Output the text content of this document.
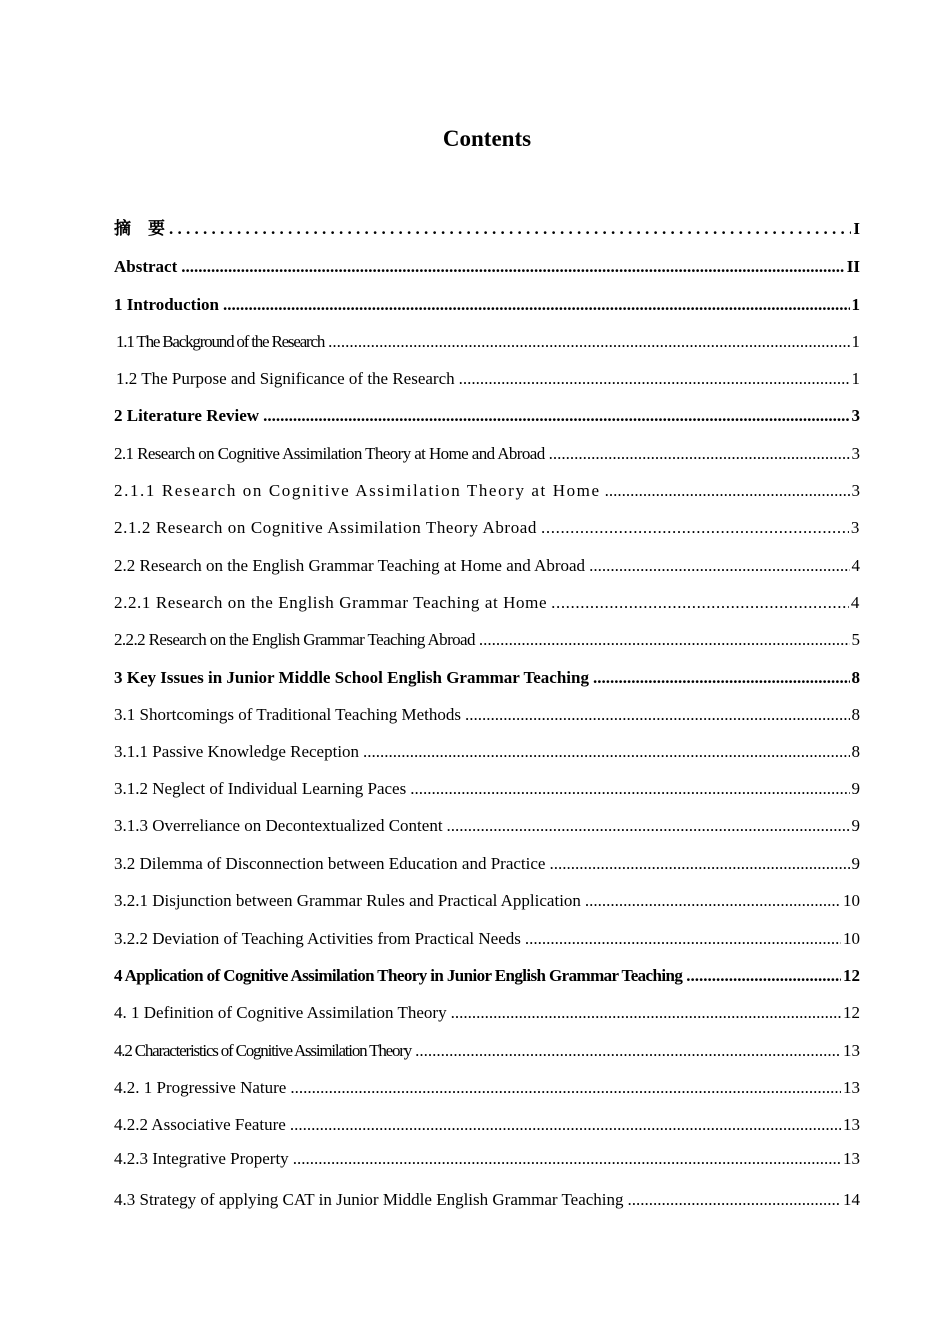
Contents
摘　要 . . .	I
Abstract .....	II
1 Introduction .....	1
1.1 The Background of the Research .....	1
1.2 The Purpose and Significance of the Research .....	1
2 Literature Review .....	3
2.1 Research on Cognitive Assimilation Theory at Home and Abroad .....	3
2.1.1 Research on Cognitive Assimilation Theory at Home .....	3
2.1.2 Research on Cognitive Assimilation Theory Abroad .....	3
2.2 Research on the English Grammar Teaching at Home and Abroad .....	4
2.2.1 Research on the English Grammar Teaching at Home .....	4
2.2.2 Research on the English Grammar Teaching Abroad .....	5
3 Key Issues in Junior Middle School English Grammar Teaching .....	8
3.1 Shortcomings of Traditional Teaching Methods .....	8
3.1.1 Passive Knowledge Reception .....	8
3.1.2 Neglect of Individual Learning Paces .....	9
3.1.3 Overreliance on Decontextualized Content .....	9
3.2 Dilemma of Disconnection between Education and Practice .....	9
3.2.1 Disjunction between Grammar Rules and Practical Application .....	10
3.2.2 Deviation of Teaching Activities from Practical Needs .....	10
4 Application of Cognitive Assimilation Theory in Junior English Grammar Teaching .....	12
4. 1 Definition of Cognitive Assimilation Theory .....	12
4.2 Characteristics of Cognitive Assimilation Theory .....	13
4.2. 1 Progressive Nature .....	13
4.2.2 Associative Feature .....	13
4.2.3 Integrative Property .....	13
4.3 Strategy of applying CAT in Junior Middle English Grammar Teaching .....	14
